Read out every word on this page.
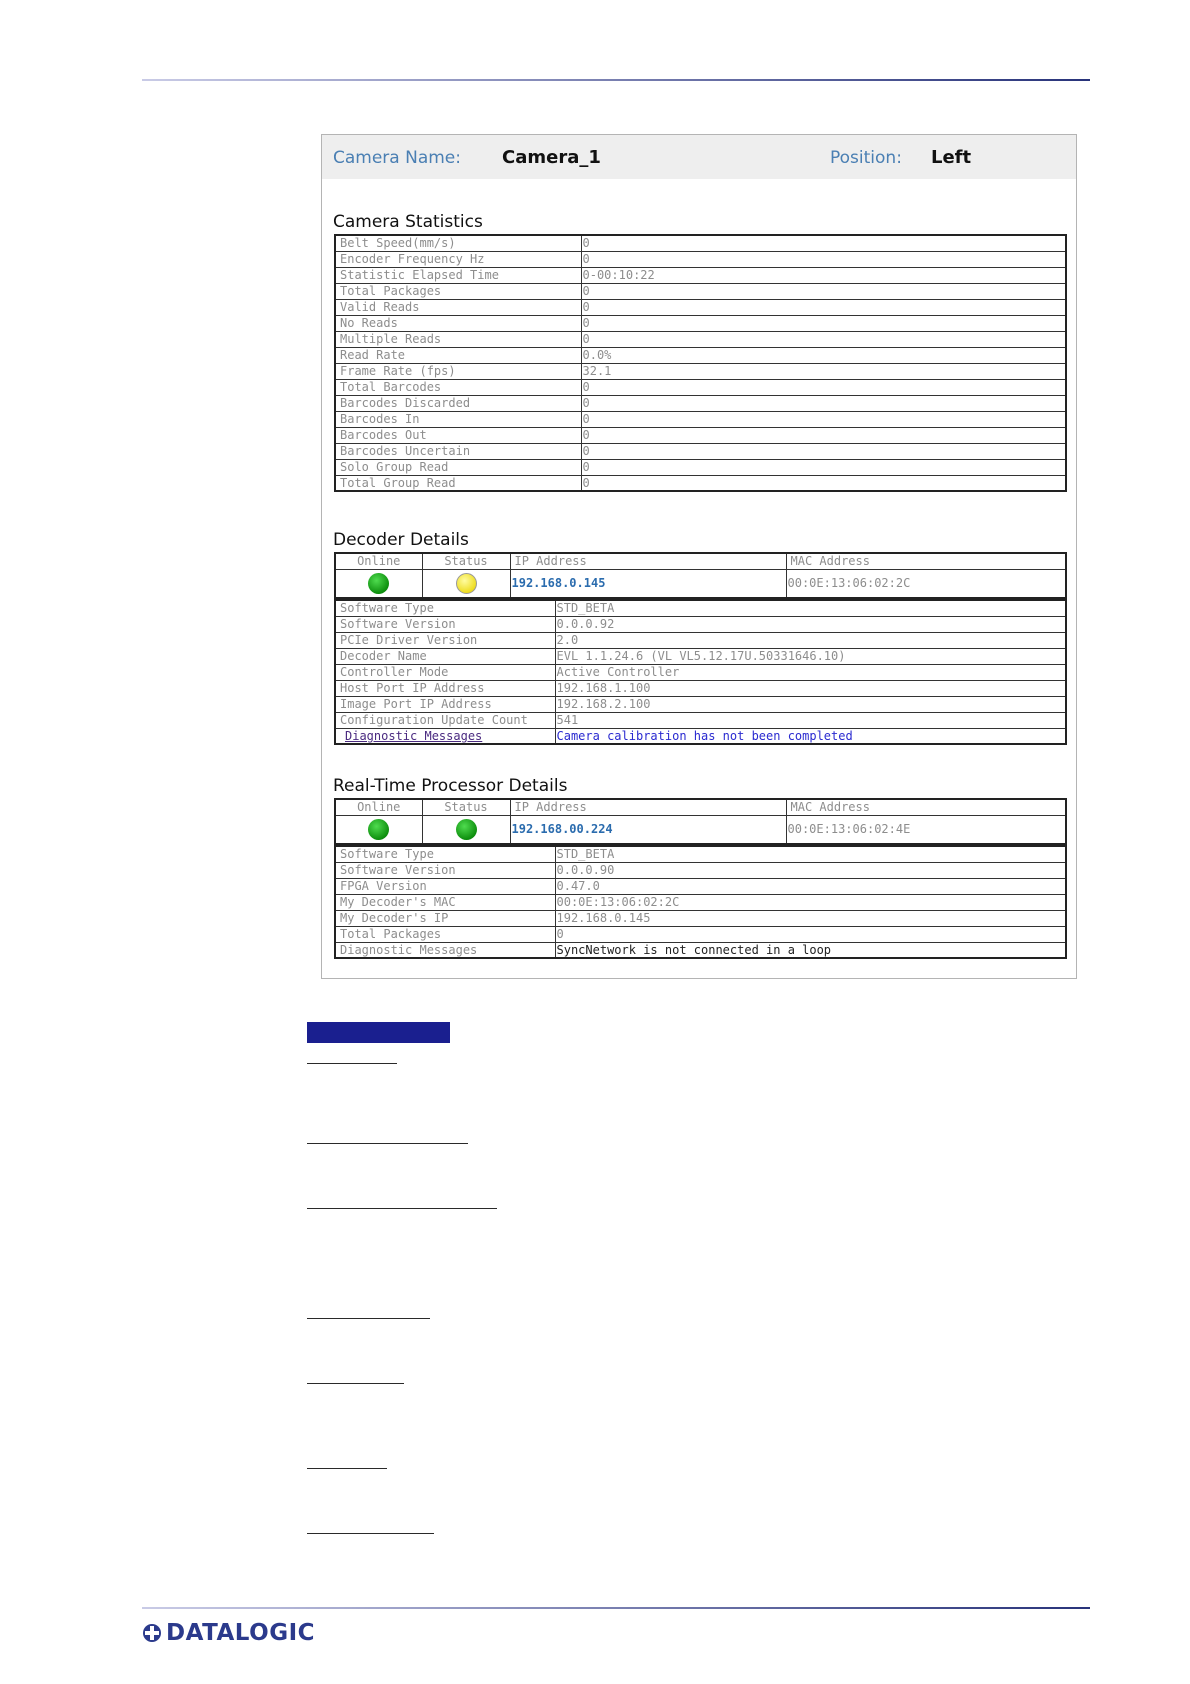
Camera Name: Camera_1	Position: Left
Camera Statistics
Belt Speed(mm/s)	0
Encoder Frequency Hz	0
Statistic Elapsed Time	0-00:10:22
Total Packages	0
Valid Reads	0
No Reads	0
Multiple Reads	0
Read Rate	0.0%
Frame Rate (fps)	32.1
Total Barcodes	0
Barcodes Discarded	0
Barcodes In	0
Barcodes Out	0
Barcodes Uncertain	0
Solo Group Read	0
Total Group Read	0
Decoder Details
Online	Status	IP Address	MAC Address
		192.168.0.145	00:0E:13:06:02:2C
Software Type	STD_BETA
Software Version	0.0.0.92
PCIe Driver Version	2.0
Decoder Name	EVL 1.1.24.6 (VL VL5.12.17U.50331646.10)
Controller Mode	Active Controller
Host Port IP Address	192.168.1.100
Image Port IP Address	192.168.2.100
Configuration Update Count	541
Diagnostic Messages	Camera calibration has not been completed
Real-Time Processor Details
Online	Status	IP Address	MAC Address
		192.168.00.224	00:0E:13:06:02:4E
Software Type	STD_BETA
Software Version	0.0.0.90
FPGA Version	0.47.0
My Decoder's MAC	00:0E:13:06:02:2C
My Decoder's IP	192.168.0.145
Total Packages	0
Diagnostic Messages	SyncNetwork is not connected in a loop
DATALOGIC
